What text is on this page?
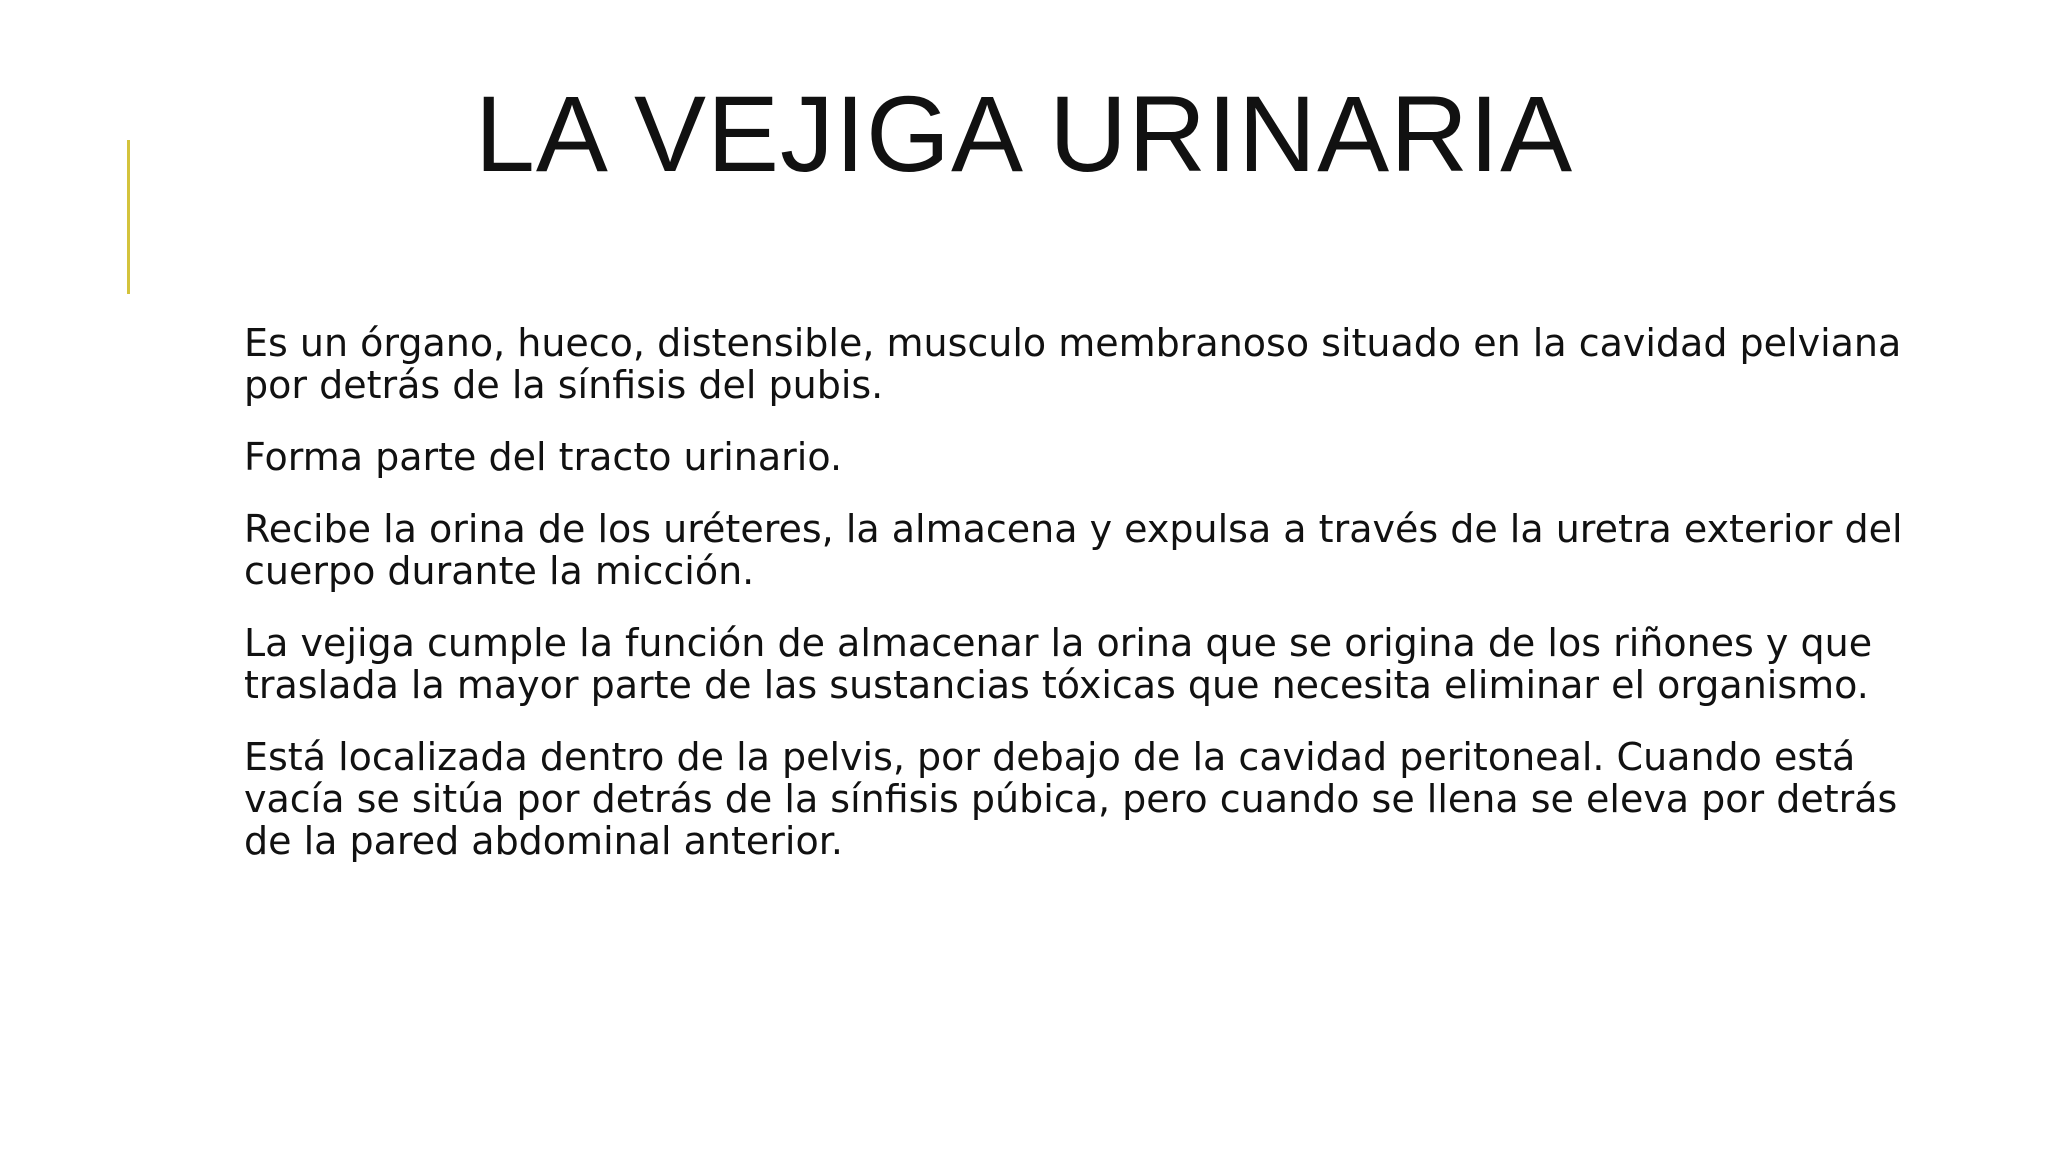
LA VEJIGA URINARIA

Es un órgano, hueco, distensible, musculo membranoso situado en la cavidad pelviana por detrás de la sínfisis del pubis.

Forma parte del tracto urinario.

Recibe la orina de los uréteres, la almacena y expulsa a través de la uretra exterior del cuerpo durante la micción.

La vejiga cumple la función de almacenar la orina que se origina de los riñones y que traslada la mayor parte de las sustancias tóxicas que necesita eliminar el organismo.

Está localizada dentro de la pelvis, por debajo de la cavidad peritoneal. Cuando está vacía se sitúa por detrás de la sínfisis púbica, pero cuando se llena se eleva por detrás de la pared abdominal anterior.
